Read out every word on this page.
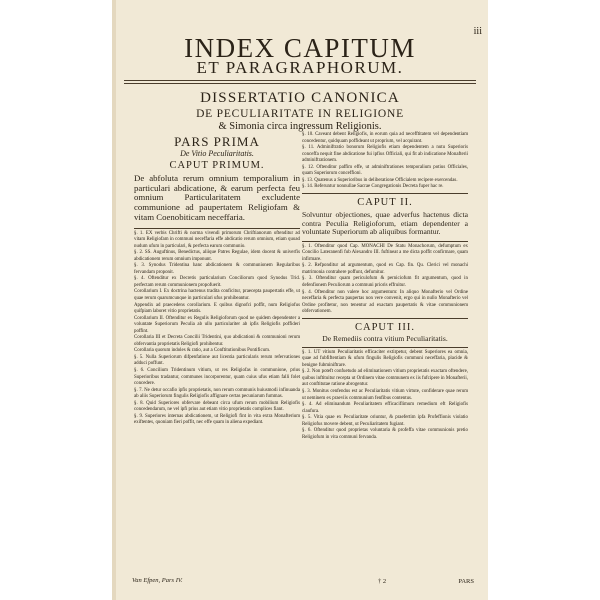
iii
INDEX CAPITUM
ET PARAGRAPHORUM.
DISSERTATIO CANONICA
DE PECULIARITATE IN RELIGIONE
& Simonia circa ingressum Religionis.
PARS PRIMA
De Vitio Peculiaritatis.
CAPUT PRIMUM.
De abfoluta rerum omnium temporalium in particulari abdicatione, & earum perfecta feu omnium Particularitatem excludente communione ad paupertatem Religiofam & vitam Coenobiticam neceffaria.

§. 1. EX verbis Chrifti & norma vivendi primorum Chriftianorum oftenditur ad vitam Religiofam in communi neceffaria effe abdicatio rerum omnium, etiam quoad nudum ufum in particulari, & perfecta earum communio.

§. 2. SS. Auguftinus, Benedictus, aliique Patres Regulae, idem docent & univerfis abdicationem rerum omnium imponunt.

§. 3. Synodus Tridentina hanc abdicationem & communionem Regularibus fervandam proponit.

§. 4. Oftenditur ex Decretis particularium Conciliorum quod Synodus Trid. perfectam rerum communionem propofuerit.

Corollarium I. Ex doctrina hactenus tradita conficitur, praecepta paupertatis effe, ut quae rerum quarumcunque in particulari ufus prohibeantur.

Appendix ad praecedens corollarium. E quibus dignofci poffit, num Religiofus quifpiam laboret vitio proprietatis.

Corollarium II. Oftenditur ex Regulis Religioforum quod ne quidem dependenter a voluntate Superiorum Peculia ab ullo particulariter ab ipfis Religiofis poffideri poffint.

Corollaria III et Decreta Concilii Tridentini, quo abdicationi & communioni rerum obfervantia proprietatis Religiofi prohibentur.

Corollaria quorum indoles & ratio, aut a Conftitutionibus Pontificum.

§. 5. Nulla Superiorum difpenfatione aut licentia particularis rerum refervationes adduci poffunt.

§. 6. Concilium Tridentinum vitium, ut res Religiofas in communione, prius Superioribus tradantur, communes incorporentur, quam cuius ufus etiam falli folet concedere.

§. 7. Ne detur occafio ipfis proprietatis, non rerum communis huiusmodi infinuanda ab aliis Superiorum fingulis Religiofis affignare certas pecuniarum fummas.

§. 8. Quid Superiores obfervare debeant circa ufum rerum mobilium Religiofis concedendarum, ne vel ipfi prius aut etiam vitio proprietatis complices fiant.

§. 9. Superiores internas abdicationem, ut Religiofi fint in vita extra Monafterium exiftentes, quoniam fieri poffit, nec effe quam in aliena expediant.

§. 10. Caveant debent Religiofis, in eorum quia ad necefftitatem vel dependentiam concedentur, quidquam poffideant ut proprium, vel acquirant.

§. 11. Adminiftratio bonorum Religiofis etiam dependentem a nutu Superioris conceffa nequit fine abdicatione fui ipfius Officiali, qui fit ab indicatione Monafterii adminiftrationem.

§. 12. Oftenditur paffim effe, ut adminiftrationes temporalium potius Officiales, quam Superiorum conceffioni.

§. 13. Quatenus a Superioribus in deliberatione Officialem recipere exercendas.

§. 14. Referuntur nonnullae Sacrae Congregationis Decreta fuper hac re.

CAPUT II.
Solvuntur objectiones, quae adverfus hactenus dicta contra Peculia Religioforum, etiam dependenter a voluntate Superiorum ab aliquibus formantur.

§. 1. Oftenditur quod Cap. MONACHI De Statu Monachorum, defumptum ex Concilio Lateranenfi fub Alexandro III. fuftineat a me dicta poffit confirmare, quam infirmare.

§. 2. Refponditur ad argumentum, quod ex Cap. fin. Qu. Clerici vel monachi matrimonia contrahere poffunt, defumitur.

§. 3. Oftenditur quam periculofum & perniciofum fit argumentum, quod in defenfionem Peculiorum a communi prioris effruitur.

§. 4. Oftenditur non valere hoc argumentum: In aliquo Monafterio vel Ordine neceffaria & perfecta paupertas non vere convenit, ergo qui in nullo Monafterio vel Ordine profitetur, non tenentur ad exactam paupertatis & vitae communionem obfervationem.

CAPUT III.
De Remediis contra vitium Peculiaritatis.

§. 1. UT vitium Peculiaritatis efficaciter extirpetur, debent Superiores ea omnia, quae ad fubfiftentiam & ufum fingulis Religiofis communi neceffaria, placide & benigne fubminiftrare.

§. 2. Non poteft confuetudo ad eliminationem vitium proprietatis exactam oftendere, quibus inftituitur recepta ut Ordinem vitae communem ex iis fufcipere in Monafterii, aut conftitutae ratione abrogentur.

§. 3. Monitus cenfendus est ac Peculiaritatis vitium virtute, confiderare quae rerum ut neminem ex praeviis communium fenfibus contentus.

§. 4. Ad eliminandum Peculiaritatem efficaciflimum remedium eft Religiofis claufura.

§. 5. Vitia quae ex Peculiaritate oriuntur, & praefertim ipfa Profeffionis violatio Religiofus movere debent, ut Peculiaritatem fugiant.

§. 6. Oftenditur quod proprietas voluntaria & profeffa vitae communionis pretio Religiofum in vita communi fervanda.

Van Efpen, Pars IV.	† 2	PARS
